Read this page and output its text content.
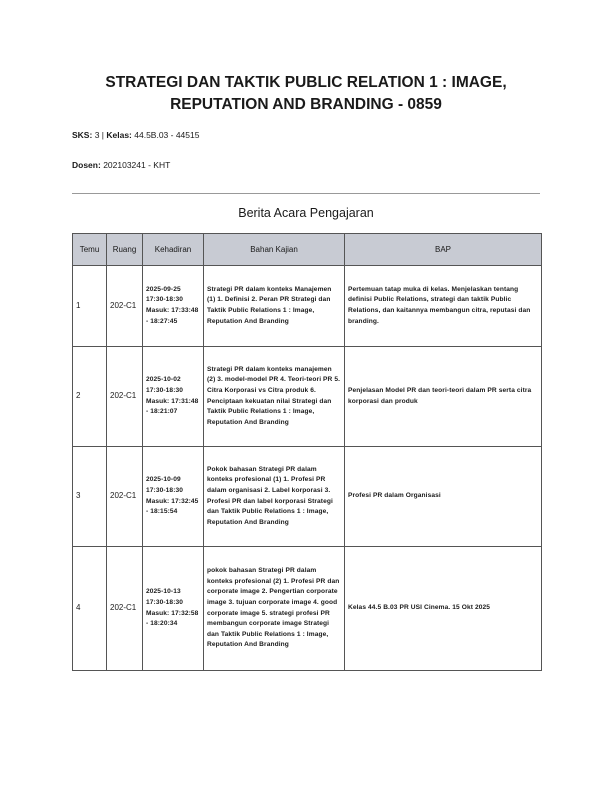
STRATEGI DAN TAKTIK PUBLIC RELATION 1 : IMAGE, REPUTATION AND BRANDING - 0859
SKS: 3 | Kelas: 44.5B.03 - 44515
Dosen: 202103241 - KHT
Berita Acara Pengajaran
Temu	Ruang	Kehadiran	Bahan Kajian	BAP
1	202-C1	2025-09-25 17:30-18:30 Masuk: 17:33:48 - 18:27:45	Strategi PR dalam konteks Manajemen (1) 1. Definisi 2. Peran PR Strategi dan Taktik Public Relations 1 : Image, Reputation And Branding	Pertemuan tatap muka di kelas. Menjelaskan tentang definisi Public Relations, strategi dan taktik Public Relations, dan kaitannya membangun citra, reputasi dan branding.
2	202-C1	2025-10-02 17:30-18:30 Masuk: 17:31:48 - 18:21:07	Strategi PR dalam konteks manajemen (2) 3. model-model PR 4. Teori-teori PR 5. Citra Korporasi vs Citra produk 6. Penciptaan kekuatan nilai Strategi dan Taktik Public Relations 1 : Image, Reputation And Branding	Penjelasan Model PR dan teori-teori dalam PR serta citra korporasi dan produk
3	202-C1	2025-10-09 17:30-18:30 Masuk: 17:32:45 - 18:15:54	Pokok bahasan Strategi PR dalam konteks profesional (1) 1. Profesi PR dalam organisasi 2. Label korporasi 3. Profesi PR dan label korporasi Strategi dan Taktik Public Relations 1 : Image, Reputation And Branding	Profesi PR dalam Organisasi
4	202-C1	2025-10-13 17:30-18:30 Masuk: 17:32:58 - 18:20:34	pokok bahasan Strategi PR dalam konteks profesional (2) 1. Profesi PR dan corporate image 2. Pengertian corporate image 3. tujuan corporate image 4. good corporate image 5. strategi profesi PR membangun corporate image Strategi dan Taktik Public Relations 1 : Image, Reputation And Branding	Kelas 44.5 B.03 PR USI Cinema. 15 Okt 2025
